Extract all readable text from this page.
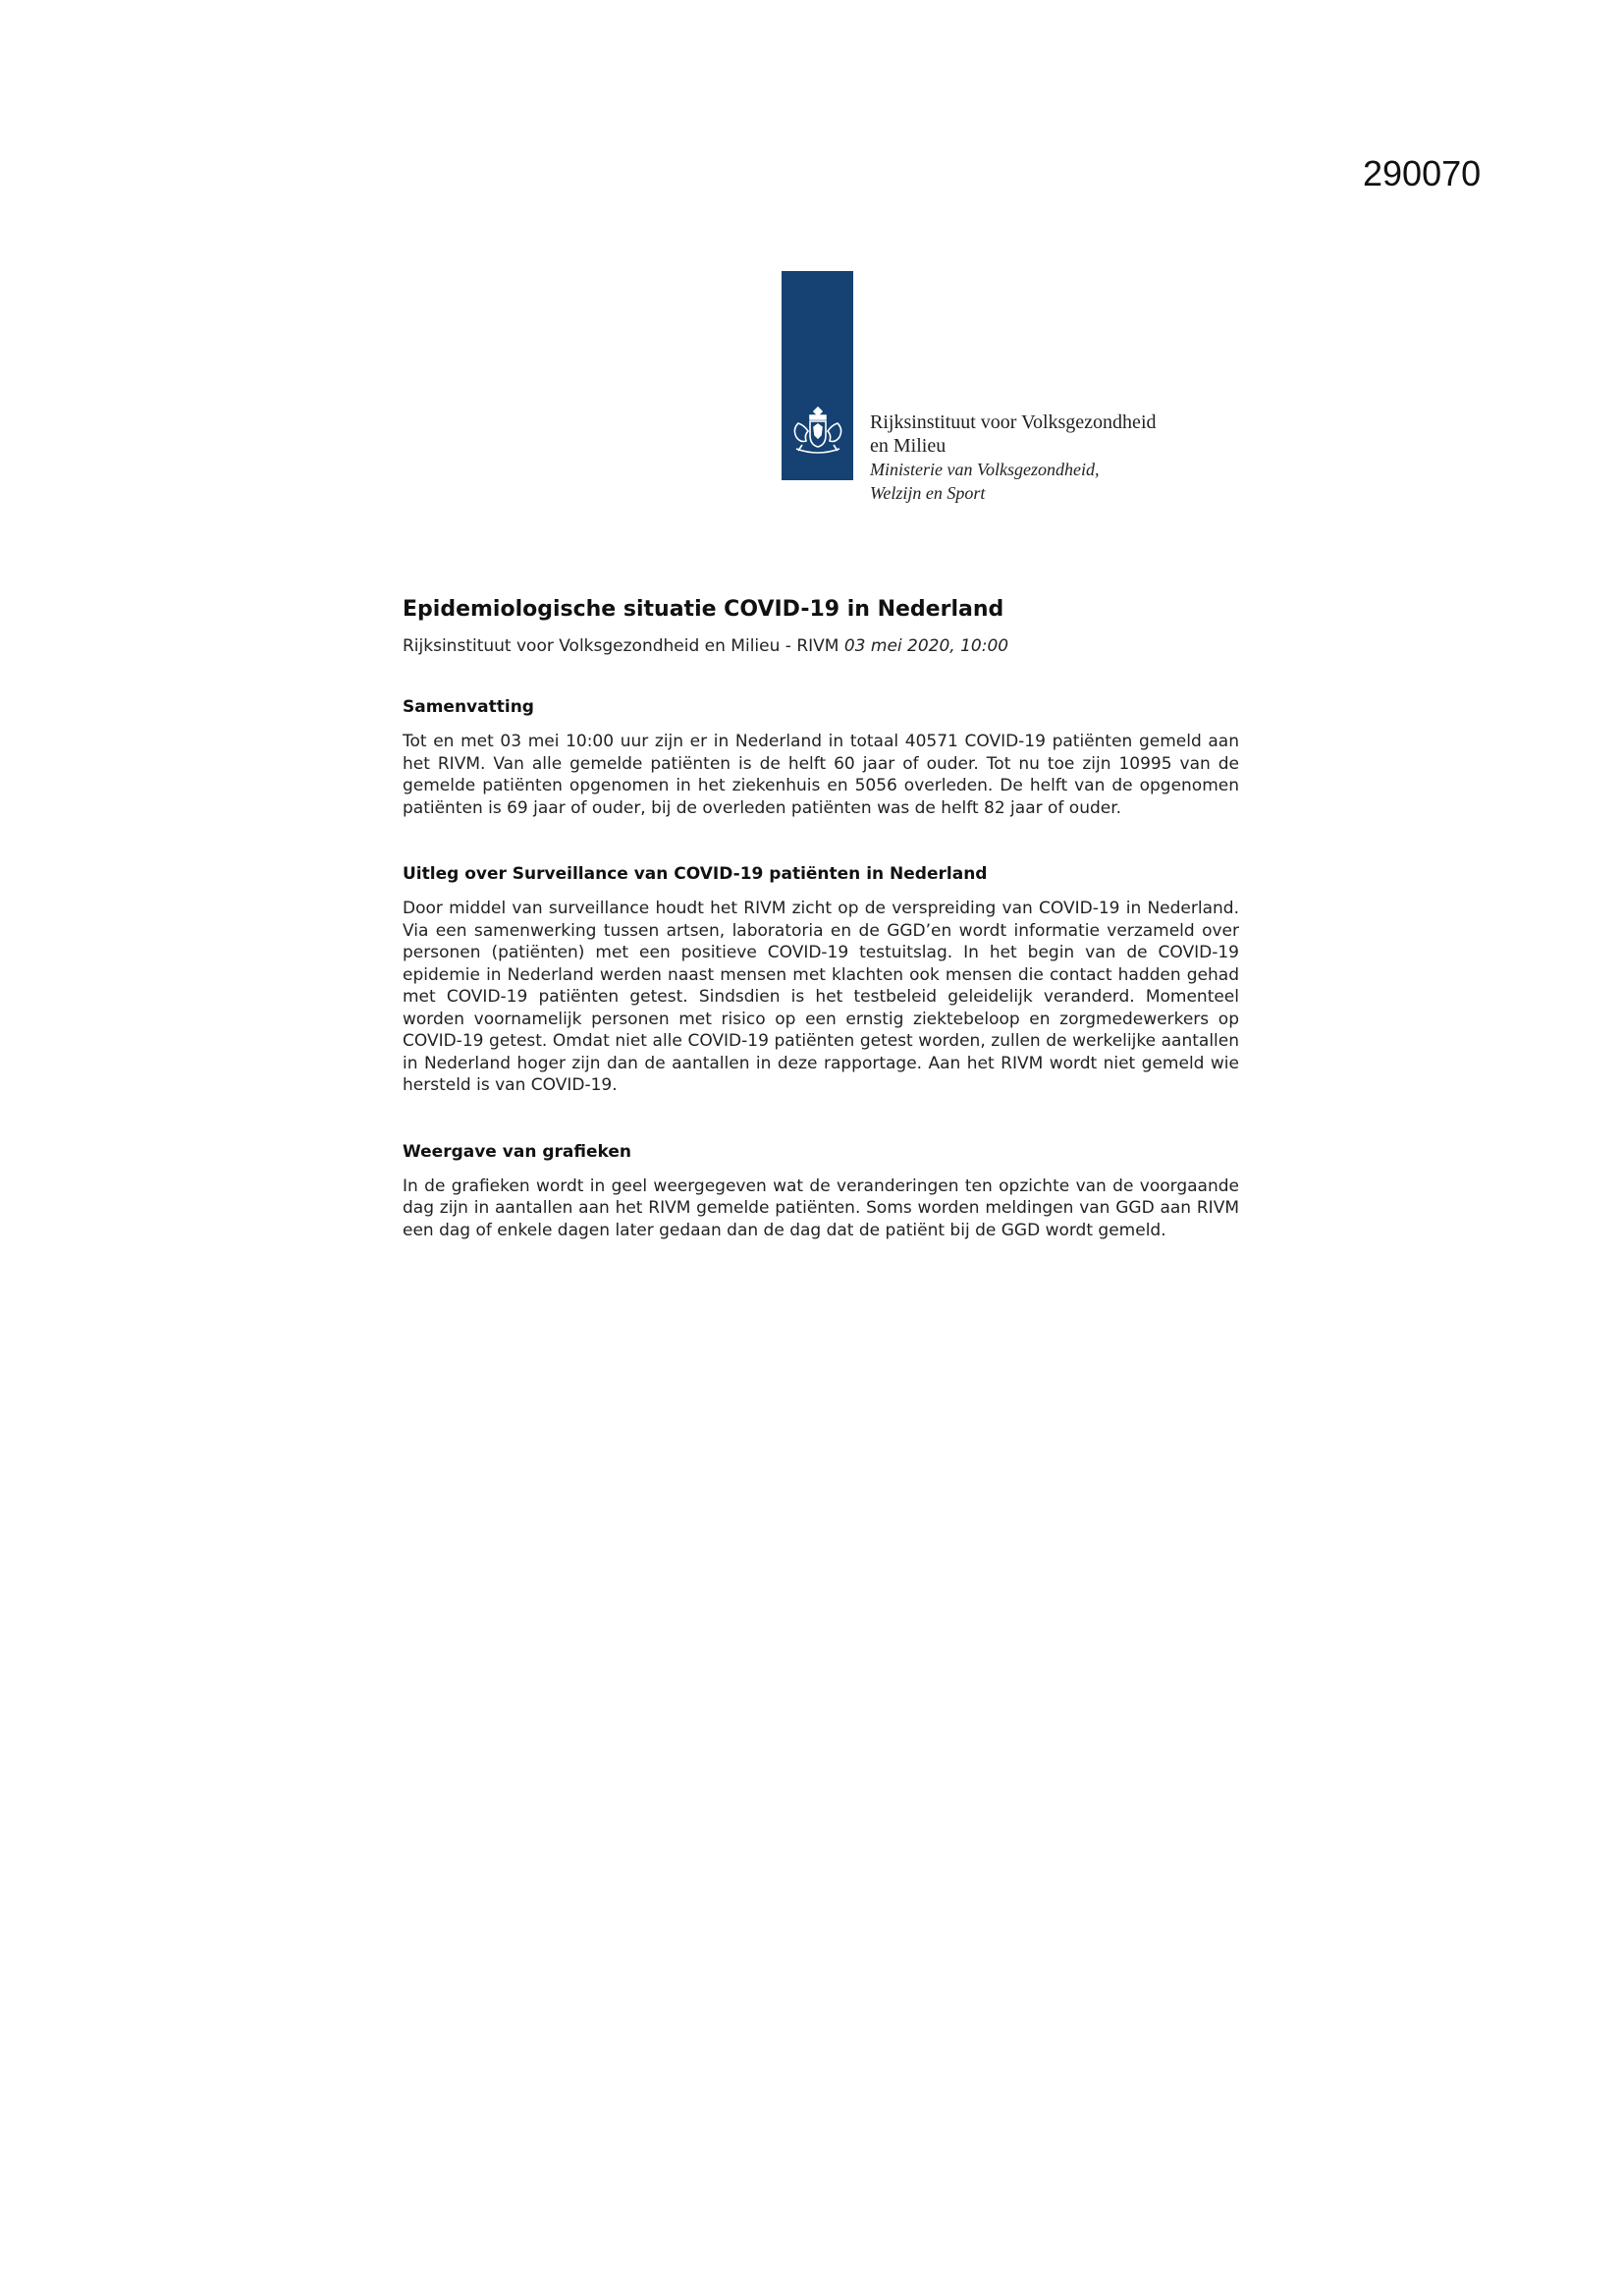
290070
Rijksinstituut voor Volksgezondheid
en Milieu
Ministerie van Volksgezondheid,
Welzijn en Sport
Epidemiologische situatie COVID-19 in Nederland
Rijksinstituut voor Volksgezondheid en Milieu - RIVM 03 mei 2020, 10:00
Samenvatting

Tot en met 03 mei 10:00 uur zijn er in Nederland in totaal 40571 COVID-19 patiënten gemeld aan het RIVM. Van alle gemelde patiënten is de helft 60 jaar of ouder. Tot nu toe zijn 10995 van de gemelde patiënten opgenomen in het ziekenhuis en 5056 overleden. De helft van de opgenomen patiënten is 69 jaar of ouder, bij de overleden patiënten was de helft 82 jaar of ouder.

Uitleg over Surveillance van COVID-19 patiënten in Nederland

Door middel van surveillance houdt het RIVM zicht op de verspreiding van COVID-19 in Nederland. Via een samenwerking tussen artsen, laboratoria en de GGD’en wordt informatie verzameld over personen (patiënten) met een positieve COVID-19 testuitslag. In het begin van de COVID-19 epidemie in Nederland werden naast mensen met klachten ook mensen die contact hadden gehad met COVID-19 patiënten getest. Sindsdien is het testbeleid geleidelijk veranderd. Momenteel worden voornamelijk personen met risico op een ernstig ziektebeloop en zorgmedewerkers op COVID-19 getest. Omdat niet alle COVID-19 patiënten getest worden, zullen de werkelijke aantallen in Nederland hoger zijn dan de aantallen in deze rapportage. Aan het RIVM wordt niet gemeld wie hersteld is van COVID-19.

Weergave van grafieken

In de grafieken wordt in geel weergegeven wat de veranderingen ten opzichte van de voorgaande dag zijn in aantallen aan het RIVM gemelde patiënten. Soms worden meldingen van GGD aan RIVM een dag of enkele dagen later gedaan dan de dag dat de patiënt bij de GGD wordt gemeld.
